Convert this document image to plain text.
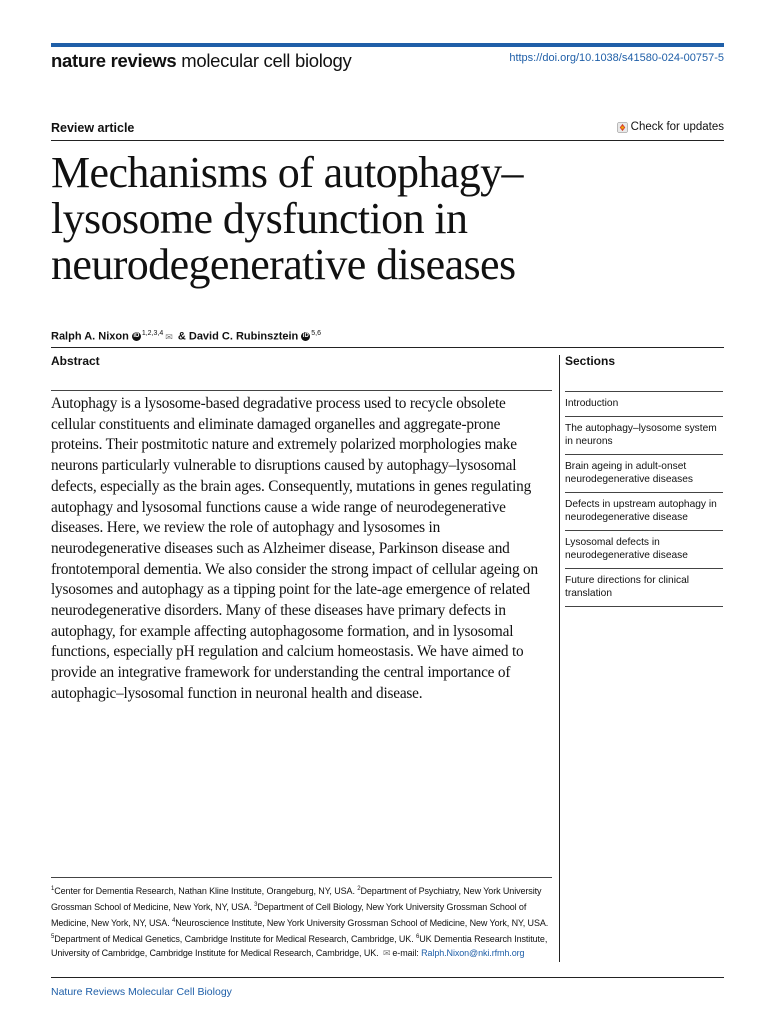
nature reviews molecular cell biology	https://doi.org/10.1038/s41580-024-00757-5
Review article	Check for updates
Mechanisms of autophagy–
lysosome dysfunction in
neurodegenerative diseases
Ralph A. Nixon iD $^{1,2,3,4}$ ✉ & David C. Rubinsztein iD $^{5,6}$
Abstract

Autophagy is a lysosome-based degradative process used to recycle obsolete cellular constituents and eliminate damaged organelles and aggregate-prone proteins. Their postmitotic nature and extremely polarized morphologies make neurons particularly vulnerable to disruptions caused by autophagy–lysosomal defects, especially as the brain ages. Consequently, mutations in genes regulating autophagy and lysosomal functions cause a wide range of neurodegenerative diseases. Here, we review the role of autophagy and lysosomes in neurodegenerative diseases such as Alzheimer disease, Parkinson disease and frontotemporal dementia. We also consider the strong impact of cellular ageing on lysosomes and autophagy as a tipping point for the late-age emergence of related neurodegenerative disorders. Many of these diseases have primary defects in autophagy, for example affecting autophagosome formation, and in lysosomal functions, especially pH regulation and calcium homeostasis. We have aimed to provide an integrative framework for understanding the central importance of autophagic–lysosomal function in neuronal health and disease.

Sections
Introduction
The autophagy–lysosome system in neurons
Brain ageing in adult-onset neurodegenerative diseases
Defects in upstream autophagy in neurodegenerative disease
Lysosomal defects in neurodegenerative disease
Future directions for clinical translation

$^1$Center for Dementia Research, Nathan Kline Institute, Orangeburg, NY, USA. $^2$Department of Psychiatry, New York University Grossman School of Medicine, New York, NY, USA. $^3$Department of Cell Biology, New York University Grossman School of Medicine, New York, NY, USA. $^4$Neuroscience Institute, New York University Grossman School of Medicine, New York, NY, USA. $^5$Department of Medical Genetics, Cambridge Institute for Medical Research, Cambridge, UK. $^6$UK Dementia Research Institute, University of Cambridge, Cambridge Institute for Medical Research, Cambridge, UK. ✉ e-mail: Ralph.Nixon@nki.rfmh.org

Nature Reviews Molecular Cell Biology
